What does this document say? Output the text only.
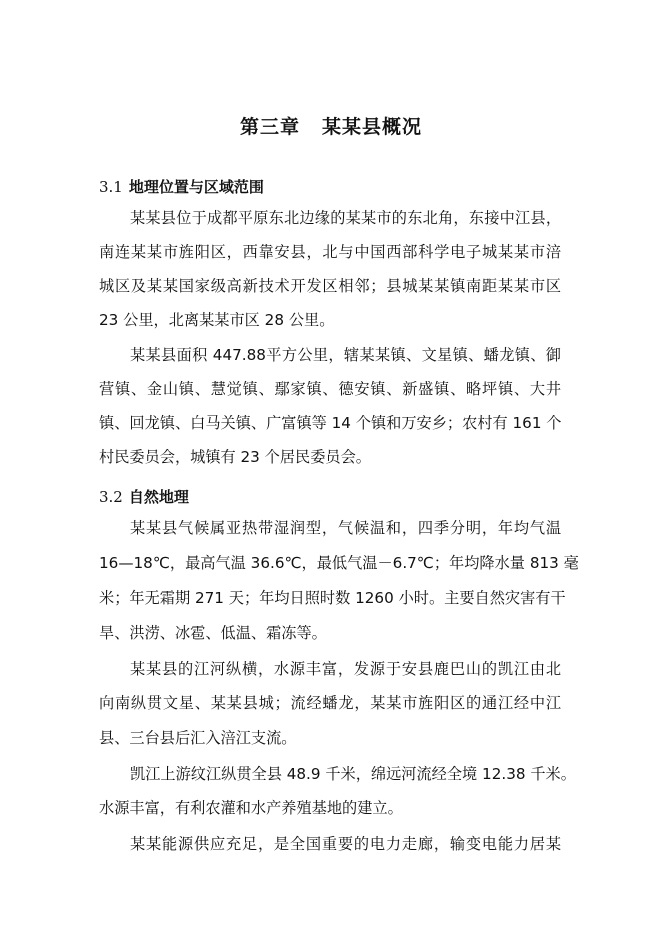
第三章 某某县概况
3.1 地理位置与区域范围
某某县位于成都平原东北边缘的某某市的东北角，东接中江县，
南连某某市旌阳区，西靠安县，北与中国西部科学电子城某某市涪
城区及某某国家级高新技术开发区相邻；县城某某镇南距某某市区
23 公里，北离某某市区 28 公里。
某某县面积 447.88平方公里，辖某某镇、文星镇、蟠龙镇、御
营镇、金山镇、慧觉镇、鄢家镇、德安镇、新盛镇、略坪镇、大井
镇、回龙镇、白马关镇、广富镇等 14 个镇和万安乡；农村有 161 个
村民委员会，城镇有 23 个居民委员会。
3.2 自然地理
某某县气候属亚热带湿润型，气候温和，四季分明，年均气温
16—18℃，最高气温 36.6℃，最低气温－6.7℃；年均降水量 813 毫
米；年无霜期 271 天；年均日照时数 1260 小时。主要自然灾害有干
旱、洪涝、冰雹、低温、霜冻等。
某某县的江河纵横，水源丰富，发源于安县鹿巴山的凯江由北
向南纵贯文星、某某县城；流经蟠龙，某某市旌阳区的通江经中江
县、三台县后汇入涪江支流。
凯江上游纹江纵贯全县 48.9 千米，绵远河流经全境 12.38 千米。
水源丰富，有利农灌和水产养殖基地的建立。
某某能源供应充足，是全国重要的电力走廊，输变电能力居某
